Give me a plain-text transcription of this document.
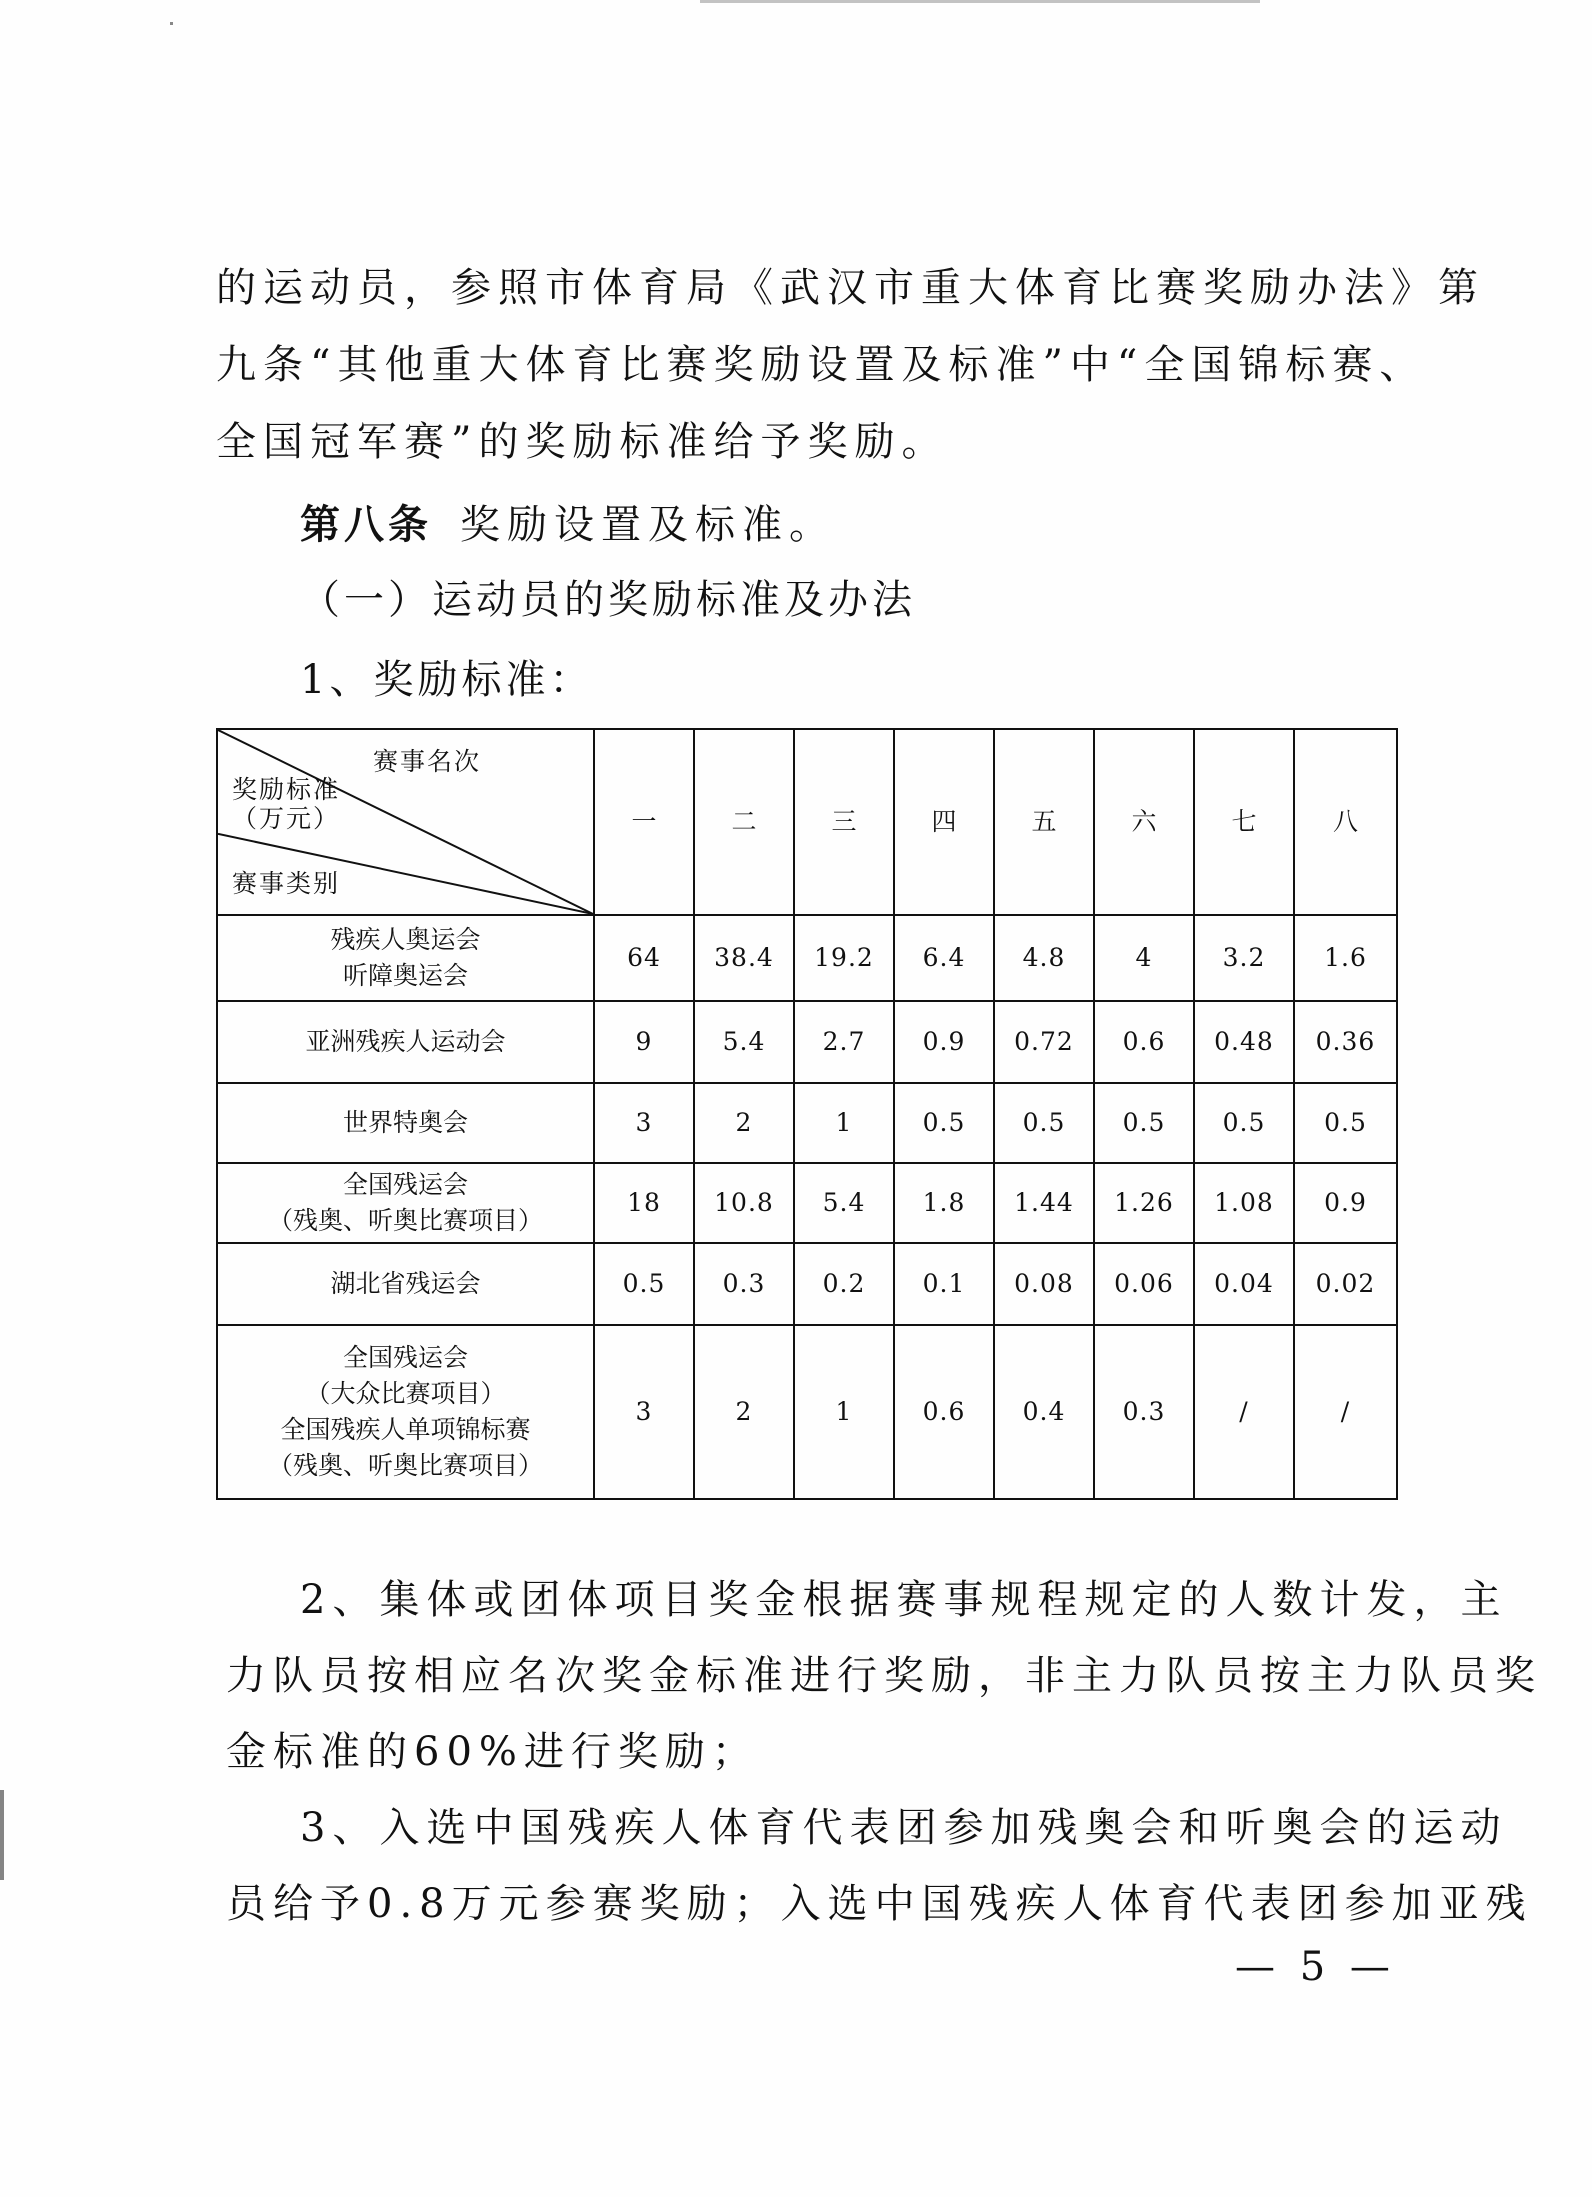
的运动员，参照市体育局《武汉市重大体育比赛奖励办法》第
九条“其他重大体育比赛奖励设置及标准”中“全国锦标赛、
全国冠军赛”的奖励标准给予奖励。
第八条 奖励设置及标准。
（一）运动员的奖励标准及办法
1、奖励标准：
赛事名次
奖励标准
（万元）
赛事类别	一	二	三	四	五	六	七	八

残疾人奥运会
听障奥运会	64	38.4	19.2	6.4	4.8	4	3.2	1.6

亚洲残疾人运动会	9	5.4	2.7	0.9	0.72	0.6	0.48	0.36

世界特奥会	3	2	1	0.5	0.5	0.5	0.5	0.5

全国残运会
（残奥、听奥比赛项目）	18	10.8	5.4	1.8	1.44	1.26	1.08	0.9

湖北省残运会	0.5	0.3	0.2	0.1	0.08	0.06	0.04	0.02

全国残运会
（大众比赛项目）
全国残疾人单项锦标赛
（残奥、听奥比赛项目）	3	2	1	0.6	0.4	0.3	/	/
2、集体或团体项目奖金根据赛事规程规定的人数计发，主
力队员按相应名次奖金标准进行奖励，非主力队员按主力队员奖
金标准的60%进行奖励；
3、入选中国残疾人体育代表团参加残奥会和听奥会的运动
员给予0.8万元参赛奖励；入选中国残疾人体育代表团参加亚残
— 5 —
